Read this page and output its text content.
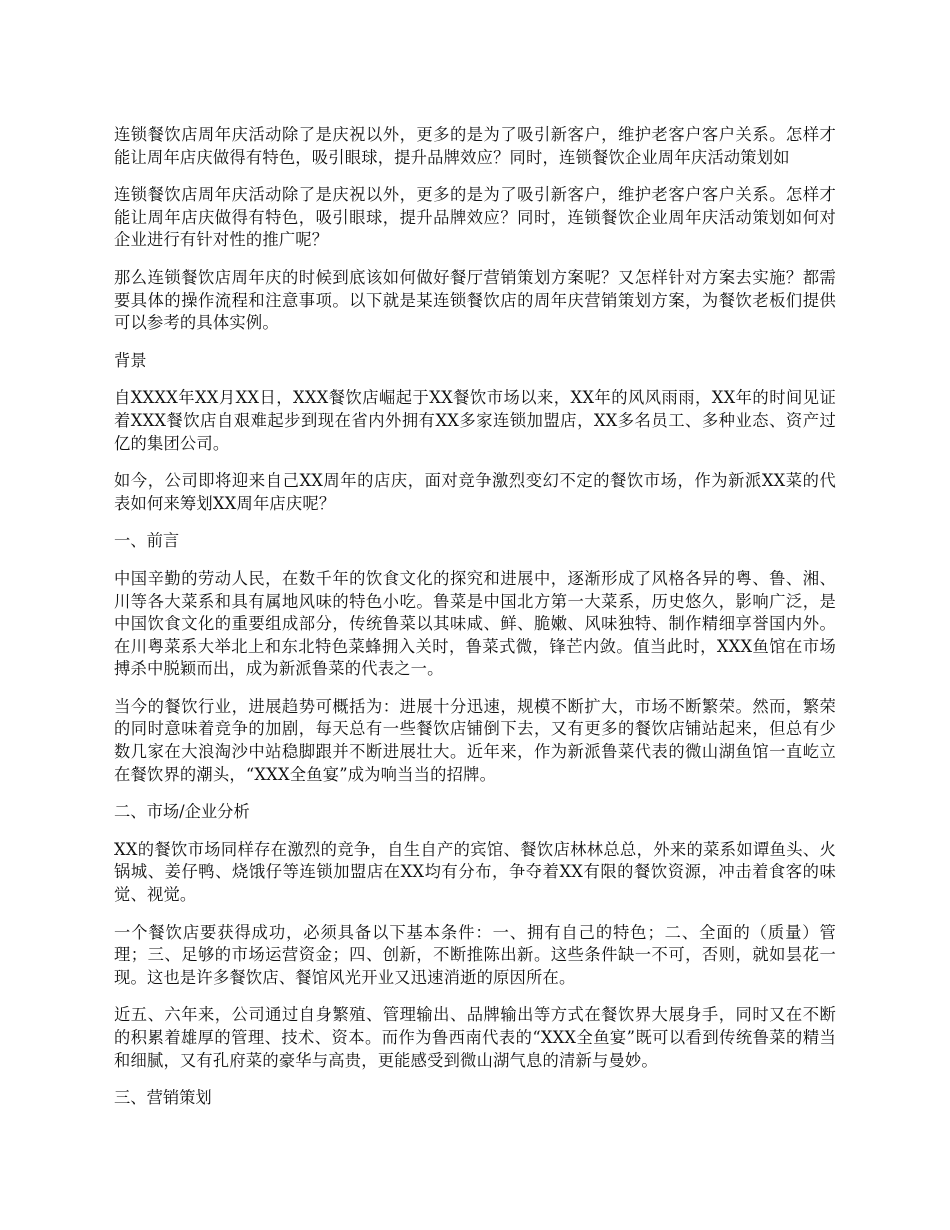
连锁餐饮店周年庆活动除了是庆祝以外，更多的是为了吸引新客户，维护老客户客户关系。怎样才能让周年店庆做得有特色，吸引眼球，提升品牌效应？同时，连锁餐饮企业周年庆活动策划如

连锁餐饮店周年庆活动除了是庆祝以外，更多的是为了吸引新客户，维护老客户客户关系。怎样才能让周年店庆做得有特色，吸引眼球，提升品牌效应？同时，连锁餐饮企业周年庆活动策划如何对企业进行有针对性的推广呢？

那么连锁餐饮店周年庆的时候到底该如何做好餐厅营销策划方案呢？又怎样针对方案去实施？都需要具体的操作流程和注意事项。以下就是某连锁餐饮店的周年庆营销策划方案，为餐饮老板们提供可以参考的具体实例。

背景

自XXXX年XX月XX日，XXX餐饮店崛起于XX餐饮市场以来，XX年的风风雨雨，XX年的时间见证着XXX餐饮店自艰难起步到现在省内外拥有XX多家连锁加盟店，XX多名员工、多种业态、资产过亿的集团公司。

如今，公司即将迎来自己XX周年的店庆，面对竞争激烈变幻不定的餐饮市场，作为新派XX菜的代表如何来筹划XX周年店庆呢？

一、前言

中国辛勤的劳动人民，在数千年的饮食文化的探究和进展中，逐渐形成了风格各异的粤、鲁、湘、川等各大菜系和具有属地风味的特色小吃。鲁菜是中国北方第一大菜系，历史悠久，影响广泛，是中国饮食文化的重要组成部分，传统鲁菜以其味咸、鲜、脆嫩、风味独特、制作精细享誉国内外。在川粤菜系大举北上和东北特色菜蜂拥入关时，鲁菜式微，锋芒内敛。值当此时，XXX鱼馆在市场搏杀中脱颖而出，成为新派鲁菜的代表之一。

当今的餐饮行业，进展趋势可概括为：进展十分迅速，规模不断扩大，市场不断繁荣。然而，繁荣的同时意味着竞争的加剧，每天总有一些餐饮店铺倒下去，又有更多的餐饮店铺站起来，但总有少数几家在大浪淘沙中站稳脚跟并不断进展壮大。近年来，作为新派鲁菜代表的微山湖鱼馆一直屹立在餐饮界的潮头，“XXX全鱼宴”成为响当当的招牌。

二、市场/企业分析

XX的餐饮市场同样存在激烈的竞争，自生自产的宾馆、餐饮店林林总总，外来的菜系如谭鱼头、火锅城、姜仔鸭、烧饿仔等连锁加盟店在XX均有分布，争夺着XX有限的餐饮资源，冲击着食客的味觉、视觉。

一个餐饮店要获得成功，必须具备以下基本条件：一、拥有自己的特色；二、全面的（质量）管理；三、足够的市场运营资金；四、创新，不断推陈出新。这些条件缺一不可，否则，就如昙花一现。这也是许多餐饮店、餐馆风光开业又迅速消逝的原因所在。

近五、六年来，公司通过自身繁殖、管理输出、品牌输出等方式在餐饮界大展身手，同时又在不断的积累着雄厚的管理、技术、资本。而作为鲁西南代表的“XXX全鱼宴”既可以看到传统鲁菜的精当和细腻，又有孔府菜的豪华与高贵，更能感受到微山湖气息的清新与曼妙。

三、营销策划
